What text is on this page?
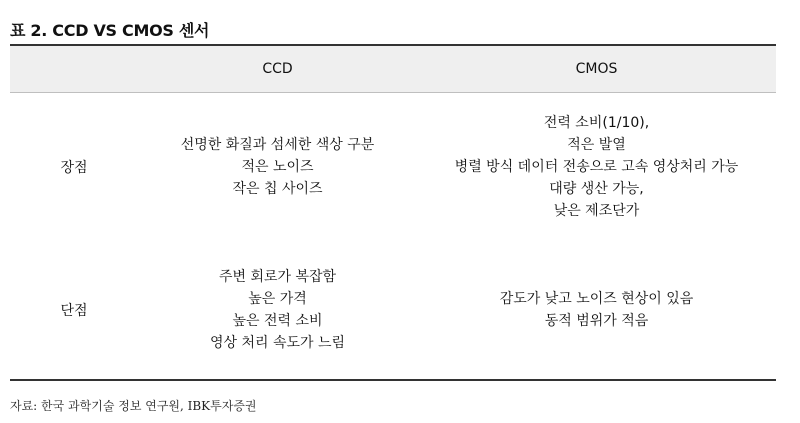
표 2. CCD VS CMOS 센서
CCD	CMOS
장점
선명한 화질과 섬세한 색상 구분
적은 노이즈
작은 칩 사이즈
전력 소비(1/10),
적은 발열
병렬 방식 데이터 전송으로 고속 영상처리 가능
대량 생산 가능,
낮은 제조단가
단점
주변 회로가 복잡함
높은 가격
높은 전력 소비
영상 처리 속도가 느림
감도가 낮고 노이즈 현상이 있음
동적 범위가 적음
자료: 한국 과학기술 정보 연구원, IBK투자증권
